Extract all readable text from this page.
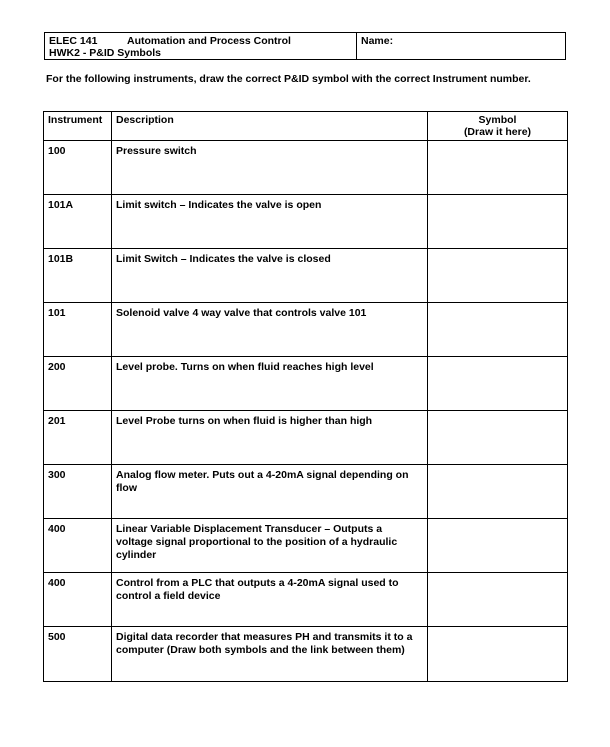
ELEC 141	Automation and Process Control
HWK2 - P&ID Symbols
Name:
For the following instruments, draw the correct P&ID symbol with the correct Instrument number.
Instrument	Description	Symbol
(Draw it here)

100	Pressure switch	
101A	Limit switch – Indicates the valve is open	
101B	Limit Switch – Indicates the valve is closed	
101	Solenoid valve 4 way valve that controls valve 101	
200	Level probe. Turns on when fluid reaches high level	
201	Level Probe turns on when fluid is higher than high	
300	Analog flow meter. Puts out a 4-20mA signal depending on flow	
400	Linear Variable Displacement Transducer – Outputs a voltage signal proportional to the position of a hydraulic cylinder	
400	Control from a PLC that outputs a 4-20mA signal used to control a field device	
500	Digital data recorder that measures PH and transmits it to a computer (Draw both symbols and the link between them)	
